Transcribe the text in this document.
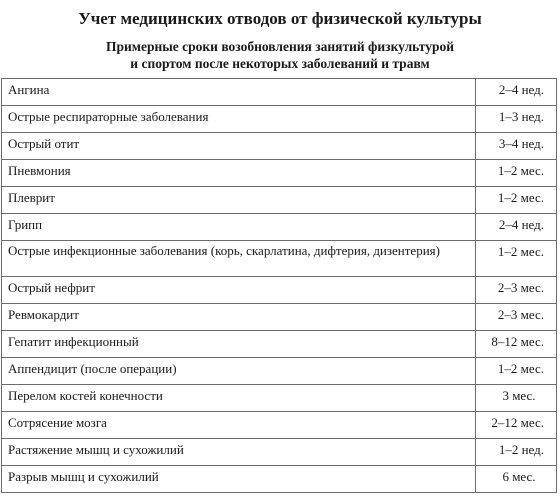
Учет медицинских отводов от физической культуры
Примерные сроки возобновления занятий физкультурой
и спортом после некоторых заболеваний и травм
Ангина	2–4 нед.
Острые респираторные заболевания	1–3 нед.
Острый отит	3–4 нед.
Пневмония	1–2 мес.
Плеврит	1–2 мес.
Грипп	2–4 нед.
Острые инфекционные заболевания (корь, скарлатина, дифтерия, дизентерия)	1–2 мес.
Острый нефрит	2–3 мес.
Ревмокардит	2–3 мес.
Гепатит инфекционный	8–12 мес.
Аппендицит (после операции)	1–2 мес.
Перелом костей конечности	3 мес.
Сотрясение мозга	2–12 мес.
Растяжение мышц и сухожилий	1–2 нед.
Разрыв мышц и сухожилий	6 мес.
